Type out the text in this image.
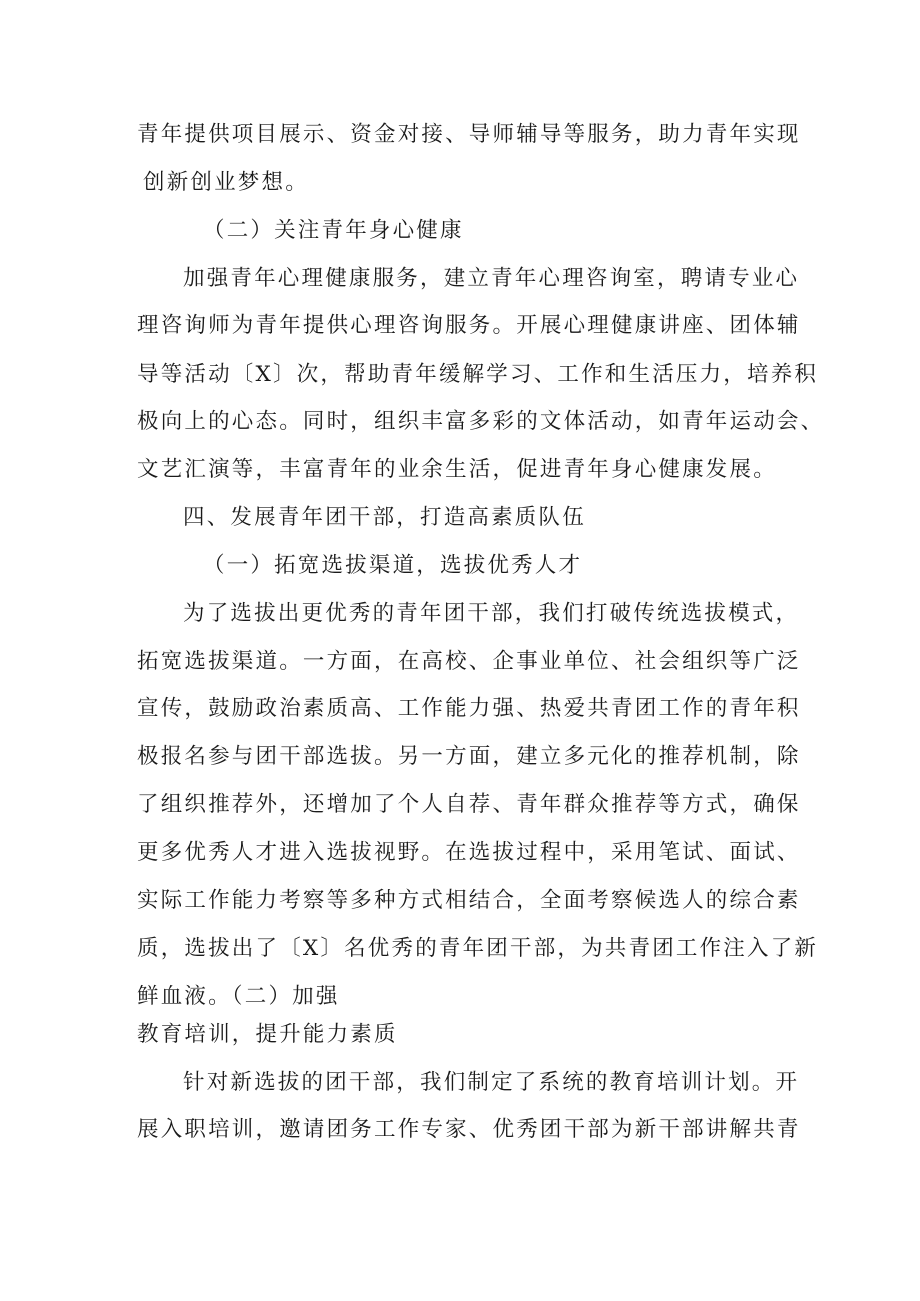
青年提供项目展示、资金对接、导师辅导等服务，助力青年实现
创新创业梦想。
（二）关注青年身心健康
加强青年心理健康服务，建立青年心理咨询室，聘请专业心
理咨询师为青年提供心理咨询服务。开展心理健康讲座、团体辅
导等活动〔X〕次，帮助青年缓解学习、工作和生活压力，培养积
极向上的心态。同时，组织丰富多彩的文体活动，如青年运动会、
文艺汇演等，丰富青年的业余生活，促进青年身心健康发展。
四、发展青年团干部，打造高素质队伍
（一）拓宽选拔渠道，选拔优秀人才
为了选拔出更优秀的青年团干部，我们打破传统选拔模式，
拓宽选拔渠道。一方面，在高校、企事业单位、社会组织等广泛
宣传，鼓励政治素质高、工作能力强、热爱共青团工作的青年积
极报名参与团干部选拔。另一方面，建立多元化的推荐机制，除
了组织推荐外，还增加了个人自荐、青年群众推荐等方式，确保
更多优秀人才进入选拔视野。在选拔过程中，采用笔试、面试、
实际工作能力考察等多种方式相结合，全面考察候选人的综合素
质，选拔出了〔X〕名优秀的青年团干部，为共青团工作注入了新
鲜血液。（二）加强
教育培训，提升能力素质
针对新选拔的团干部，我们制定了系统的教育培训计划。开
展入职培训，邀请团务工作专家、优秀团干部为新干部讲解共青
